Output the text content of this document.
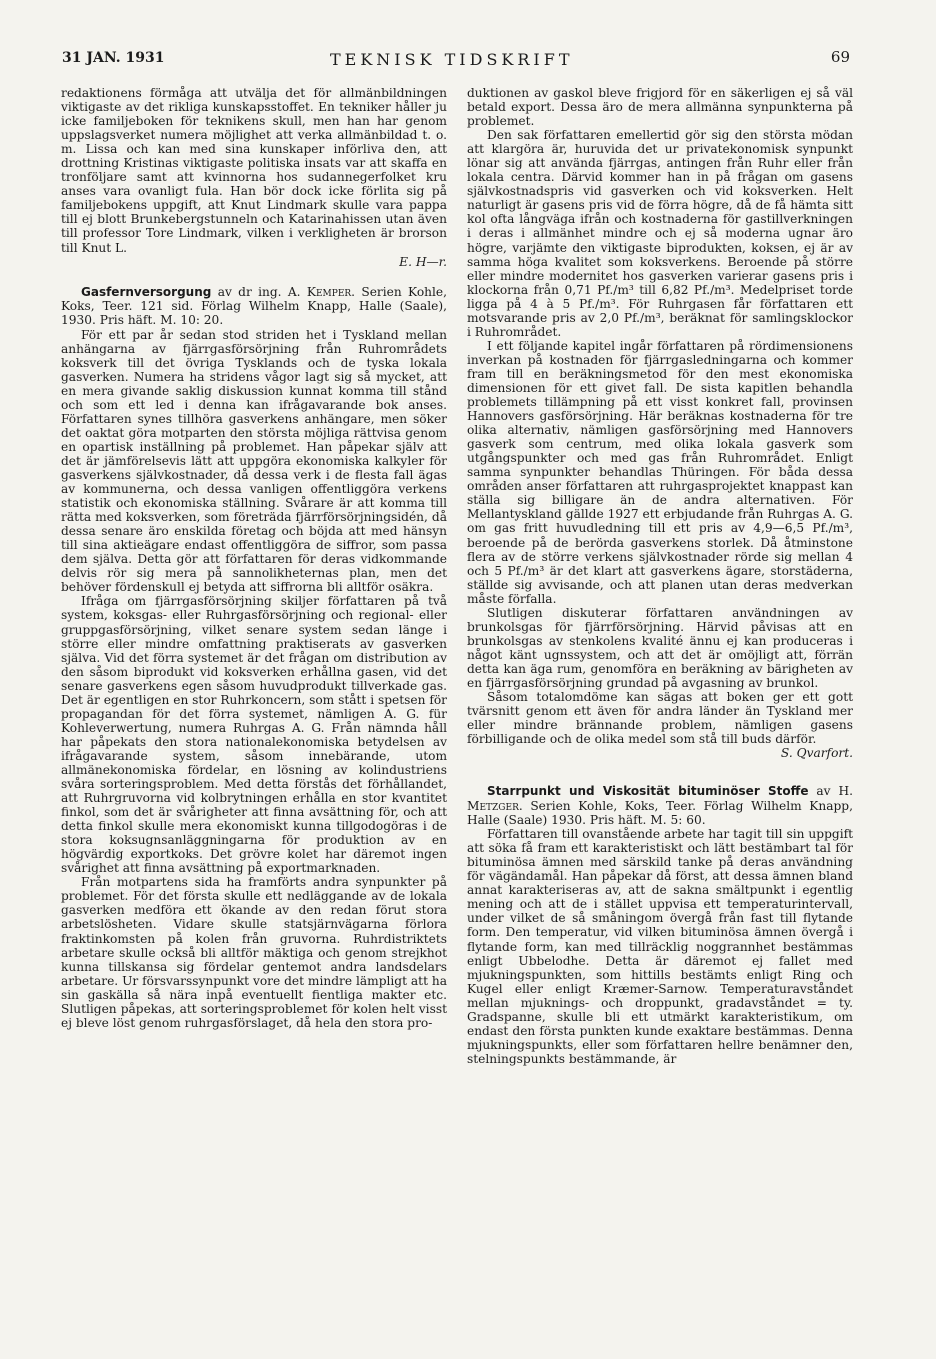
31 JAN. 1931	TEKNISK TIDSKRIFT	69

redaktionens förmåga att utvälja det för allmänbildningen viktigaste av det rikliga kunskapsstoffet. En tekniker håller ju icke familjeboken för teknikens skull, men han har genom uppslagsverket numera möjlighet att verka allmänbildad t. o. m. Lissa och kan med sina kunskaper införliva den, att drottning Kristinas viktigaste politiska insats var att skaffa en tronföljare samt att kvinnorna hos sudannegerfolket kru anses vara ovanligt fula. Han bör dock icke förlita sig på familjebokens uppgift, att Knut Lindmark skulle vara pappa till ej blott Brunkebergstunneln och Katarinahissen utan även till professor Tore Lindmark, vilken i verkligheten är brorson till Knut L.

E. H—r.

Gasfernversorgung av dr ing. A. Kemper. Serien Kohle, Koks, Teer. 121 sid. Förlag Wilhelm Knapp, Halle (Saale), 1930. Pris häft. M. 10: 20.

För ett par år sedan stod striden het i Tyskland mellan anhängarna av fjärrgasförsörjning från Ruhrområdets koksverk till det övriga Tysklands och de tyska lokala gasverken. Numera ha stridens vågor lagt sig så mycket, att en mera givande saklig diskussion kunnat komma till stånd och som ett led i denna kan ifrågavarande bok anses. Författaren synes tillhöra gasverkens anhängare, men söker det oaktat göra motparten den största möjliga rättvisa genom en opartisk inställning på problemet. Han påpekar själv att det är jämförelsevis lätt att uppgöra ekonomiska kalkyler för gasverkens självkostnader, då dessa verk i de flesta fall ägas av kommunerna, och dessa vanligen offentliggöra verkens statistik och ekonomiska ställning. Svårare är att komma till rätta med koksverken, som företräda fjärrförsörjningsidén, då dessa senare äro enskilda företag och böjda att med hänsyn till sina aktieägare endast offentliggöra de siffror, som passa dem själva. Detta gör att författaren för deras vidkommande delvis rör sig mera på sannolikheternas plan, men det behöver fördenskull ej betyda att siffrorna bli alltför osäkra.

Ifråga om fjärrgasförsörjning skiljer författaren på två system, koksgas- eller Ruhrgasförsörjning och regional- eller gruppgasförsörjning, vilket senare system sedan länge i större eller mindre omfattning praktiserats av gasverken själva. Vid det förra systemet är det frågan om distribution av den såsom biprodukt vid koksverken erhållna gasen, vid det senare gasverkens egen såsom huvudprodukt tillverkade gas. Det är egentligen en stor Ruhrkoncern, som stått i spetsen för propagandan för det förra systemet, nämligen A. G. für Kohleverwertung, numera Ruhrgas A. G. Från nämnda håll har påpekats den stora nationalekonomiska betydelsen av ifrågavarande system, såsom innebärande, utom allmänekonomiska fördelar, en lösning av kolindustriens svåra sorteringsproblem. Med detta förstås det förhållandet, att Ruhrgruvorna vid kolbrytningen erhålla en stor kvantitet finkol, som det är svårigheter att finna avsättning för, och att detta finkol skulle mera ekonomiskt kunna tillgodogöras i de stora koksugnsanläggningarna för produktion av en högvärdig exportkoks. Det grövre kolet har däremot ingen svårighet att finna avsättning på exportmarknaden.

Från motpartens sida ha framförts andra synpunkter på problemet. För det första skulle ett nedläggande av de lokala gasverken medföra ett ökande av den redan förut stora arbetslösheten. Vidare skulle statsjärnvägarna förlora fraktinkomsten på kolen från gruvorna. Ruhrdistriktets arbetare skulle också bli alltför mäktiga och genom strejkhot kunna tillskansa sig fördelar gentemot andra landsdelars arbetare. Ur försvarssynpunkt vore det mindre lämpligt att ha sin gaskälla så nära inpå eventuellt fientliga makter etc. Slutligen påpekas, att sorteringsproblemet för kolen helt visst ej bleve löst genom ruhrgasförslaget, då hela den stora pro-

duktionen av gaskol bleve frigjord för en säkerligen ej så väl betald export. Dessa äro de mera allmänna synpunkterna på problemet.

Den sak författaren emellertid gör sig den största mödan att klargöra är, huruvida det ur privatekonomisk synpunkt lönar sig att använda fjärrgas, antingen från Ruhr eller från lokala centra. Därvid kommer han in på frågan om gasens självkostnadspris vid gasverken och vid koksverken. Helt naturligt är gasens pris vid de förra högre, då de få hämta sitt kol ofta långväga ifrån och kostnaderna för gastillverkningen i deras i allmänhet mindre och ej så moderna ugnar äro högre, varjämte den viktigaste biprodukten, koksen, ej är av samma höga kvalitet som koksverkens. Beroende på större eller mindre modernitet hos gasverken varierar gasens pris i klockorna från 0,71 Pf./m³ till 6,82 Pf./m³. Medelpriset torde ligga på 4 à 5 Pf./m³. För Ruhrgasen får författaren ett motsvarande pris av 2,0 Pf./m³, beräknat för samlingsklockor i Ruhrområdet.

I ett följande kapitel ingår författaren på rördimensionens inverkan på kostnaden för fjärrgasledningarna och kommer fram till en beräkningsmetod för den mest ekonomiska dimensionen för ett givet fall. De sista kapitlen behandla problemets tillämpning på ett visst konkret fall, provinsen Hannovers gasförsörjning. Här beräknas kostnaderna för tre olika alternativ, nämligen gasförsörjning med Hannovers gasverk som centrum, med olika lokala gasverk som utgångspunkter och med gas från Ruhrområdet. Enligt samma synpunkter behandlas Thüringen. För båda dessa områden anser författaren att ruhrgasprojektet knappast kan ställa sig billigare än de andra alternativen. För Mellantyskland gällde 1927 ett erbjudande från Ruhrgas A. G. om gas fritt huvudledning till ett pris av 4,9—6,5 Pf./m³, beroende på de berörda gasverkens storlek. Då åtminstone flera av de större verkens självkostnader rörde sig mellan 4 och 5 Pf./m³ är det klart att gasverkens ägare, storstäderna, ställde sig avvisande, och att planen utan deras medverkan måste förfalla.

Slutligen diskuterar författaren användningen av brunkolsgas för fjärrförsörjning. Härvid påvisas att en brunkolsgas av stenkolens kvalité ännu ej kan produceras i något känt ugnssystem, och att det är omöjligt att, förrän detta kan äga rum, genomföra en beräkning av bärigheten av en fjärrgasförsörjning grundad på avgasning av brunkol.

Såsom totalomdöme kan sägas att boken ger ett gott tvärsnitt genom ett även för andra länder än Tyskland mer eller mindre brännande problem, nämligen gasens förbilligande och de olika medel som stå till buds därför.

S. Qvarfort.

Starrpunkt und Viskosität bituminöser Stoffe av H. Metzger. Serien Kohle, Koks, Teer. Förlag Wilhelm Knapp, Halle (Saale) 1930. Pris häft. M. 5: 60.

Författaren till ovanstående arbete har tagit till sin uppgift att söka få fram ett karakteristiskt och lätt bestämbart tal för bituminösa ämnen med särskild tanke på deras användning för vägändamål. Han påpekar då först, att dessa ämnen bland annat karakteriseras av, att de sakna smältpunkt i egentlig mening och att de i stället uppvisa ett temperaturintervall, under vilket de så småningom övergå från fast till flytande form. Den temperatur, vid vilken bituminösa ämnen övergå i flytande form, kan med tillräcklig noggrannhet bestämmas enligt Ubbelodhe. Detta är däremot ej fallet med mjukningspunkten, som hittills bestämts enligt Ring och Kugel eller enligt Kræmer-Sarnow. Temperaturavståndet mellan mjuknings- och droppunkt, gradavståndet = ty. Gradspanne, skulle bli ett utmärkt karakteristikum, om endast den första punkten kunde exaktare bestämmas. Denna mjukningspunkts, eller som författaren hellre benämner den, stelningspunkts bestämmande, är
